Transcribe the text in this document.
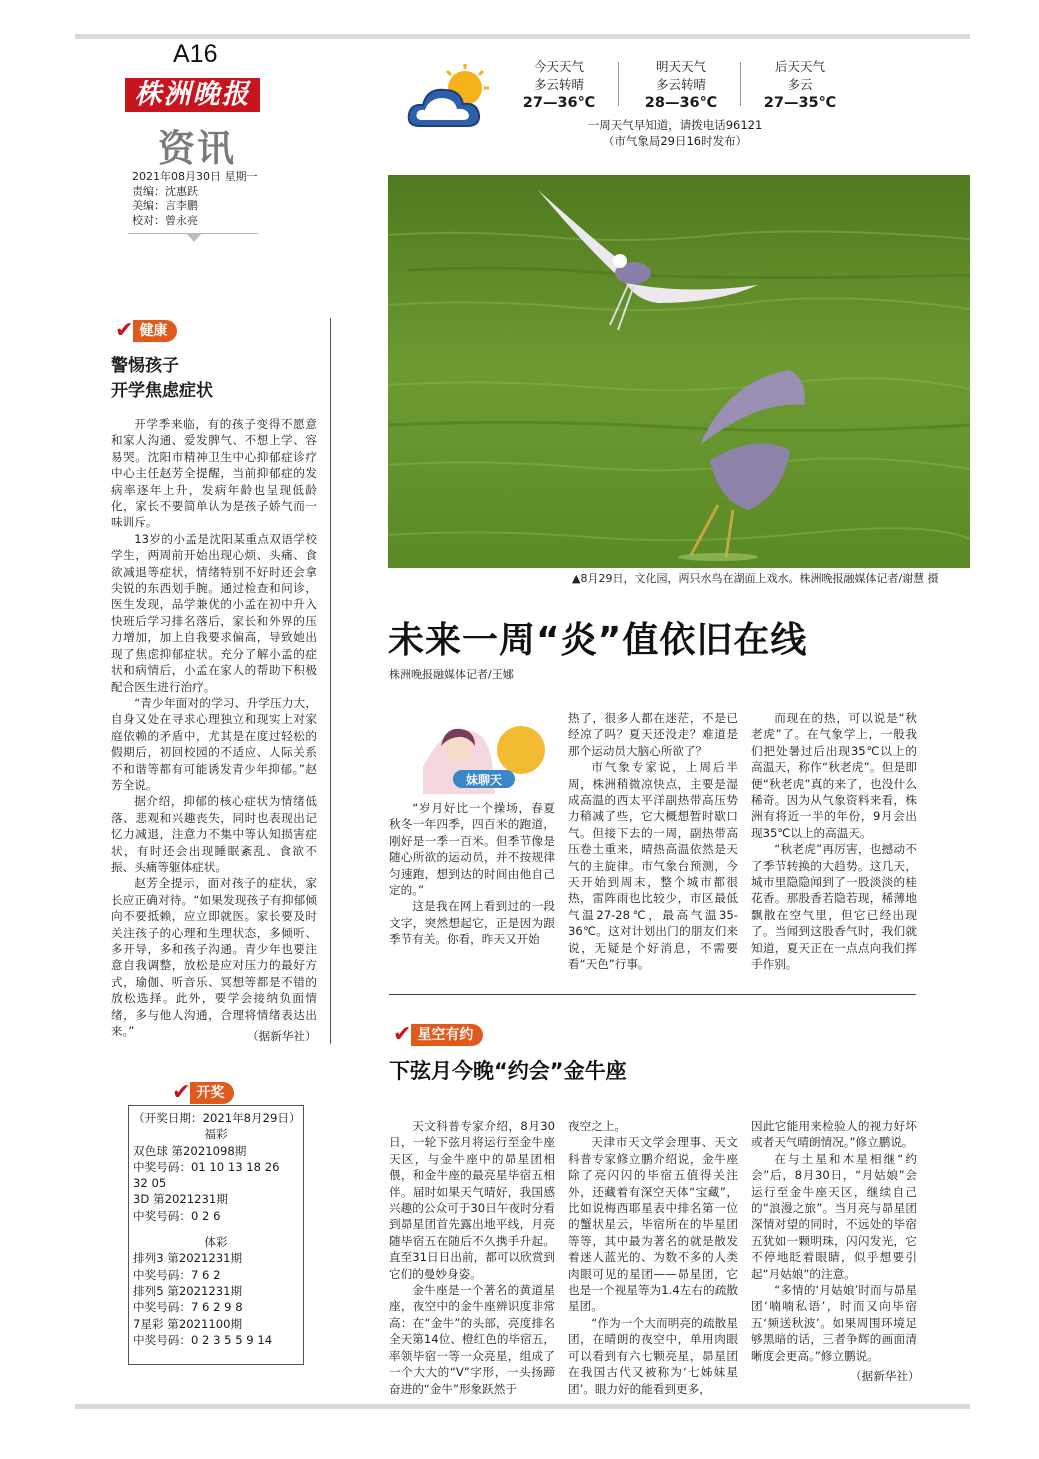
A16
株洲晚报
资讯
2021年08月30日 星期一
责编：沈惠跃
美编：言李鹏
校对：曾永亮
今天天气
多云转晴
27—36℃
明天天气
多云转晴
28—36℃
后天天气
多云
27—35℃
一周天气早知道，请拨电话96121
（市气象局29日16时发布）
✔ 健康
警惕孩子
开学焦虑症状

开学季来临，有的孩子变得不愿意和家人沟通、爱发脾气、不想上学、容易哭。沈阳市精神卫生中心抑郁症诊疗中心主任赵芳全提醒，当前抑郁症的发病率逐年上升，发病年龄也呈现低龄化，家长不要简单认为是孩子娇气而一味训斥。

13岁的小孟是沈阳某重点双语学校学生，两周前开始出现心烦、头痛、食欲减退等症状，情绪特别不好时还会拿尖锐的东西划手腕。通过检查和问诊，医生发现，品学兼优的小孟在初中升入快班后学习排名落后，家长和外界的压力增加，加上自我要求偏高，导致她出现了焦虑抑郁症状。充分了解小孟的症状和病情后，小孟在家人的帮助下积极配合医生进行治疗。

“青少年面对的学习、升学压力大，自身又处在寻求心理独立和现实上对家庭依赖的矛盾中，尤其是在度过轻松的假期后，初回校园的不适应、人际关系不和谐等都有可能诱发青少年抑郁。”赵芳全说。

据介绍，抑郁的核心症状为情绪低落、悲观和兴趣丧失，同时也表现出记忆力减退，注意力不集中等认知损害症状，有时还会出现睡眠紊乱、食欲不振、头痛等躯体症状。

赵芳全提示，面对孩子的症状，家长应正确对待。“如果发现孩子有抑郁倾向不要抵赖，应立即就医。家长要及时关注孩子的心理和生理状态，多倾听、多开导，多和孩子沟通。青少年也要注意自我调整，放松是应对压力的最好方式，瑜伽、听音乐、冥想等都是不错的放松选择。此外，要学会接纳负面情绪，多与他人沟通，合理将情绪表达出来。”	（据新华社）
✔ 开奖
（开奖日期：2021年8月29日）
福彩
双色球 第2021098期
中奖号码：01 10 13 18 26
32 05
3D 第2021231期
中奖号码：0 2 6
体彩
排列3 第2021231期
中奖号码：7 6 2
排列5 第2021231期
中奖号码：7 6 2 9 8
7星彩 第2021100期
中奖号码：0 2 3 5 5 9 14
▲8月29日，文化园，两只水鸟在湖面上戏水。株洲晚报融媒体记者/谢慧 摄
未来一周“炎”值依旧在线
株洲晚报融媒体记者/王娜
妹聊天

“岁月好比一个操场，春夏秋冬一年四季，四百米的跑道，刚好是一季一百米。但季节像是随心所欲的运动员，并不按规律匀速跑，想到达的时间由他自己定的。”

这是我在网上看到过的一段文字，突然想起它，正是因为跟季节有关。你看，昨天又开始

热了，很多人都在迷茫，不是已经凉了吗？夏天还没走？难道是那个运动员大脑心所欲了？

市气象专家说，上周后半周，株洲稍微凉快点，主要是湿成高温的西太平洋副热带高压势力稍减了些，它大概想暂时歇口气。但接下去的一周，副热带高压卷土重来，晴热高温依然是天气的主旋律。市气象台预测，今天开始到周末，整个城市都很热，雷阵雨也比较少，市区最低气温27-28℃，最高气温35-36℃。这对计划出门的朋友们来说，无疑是个好消息，不需要看“天色”行事。

而现在的热，可以说是“秋老虎”了。在气象学上，一般我们把处暑过后出现35℃以上的高温天，称作“秋老虎”。但是即便“秋老虎”真的来了，也没什么稀奇。因为从气象资料来看，株洲有将近一半的年份，9月会出现35℃以上的高温天。

“秋老虎”再厉害，也撼动不了季节转换的大趋势。这几天，城市里隐隐闻到了一股淡淡的桂花香。那股香若隐若现，稀薄地飘散在空气里，但它已经出现了。当闻到这股香气时，我们就知道，夏天正在一点点向我们挥手作别。

✔ 星空有约
下弦月今晚“约会”金牛座

天文科普专家介绍，8月30日，一轮下弦月将运行至金牛座天区，与金牛座中的昴星团相偎，和金牛座的最亮星毕宿五相伴。届时如果天气晴好，我国感兴趣的公众可于30日午夜时分看到昴星团首先露出地平线，月亮随毕宿五在随后不久携手升起。直至31日日出前，都可以欣赏到它们的曼妙身姿。

金牛座是一个著名的黄道星座，夜空中的金牛座辨识度非常高：在“金牛”的头部，亮度排名全天第14位、橙红色的毕宿五，率领毕宿一等一众亮星，组成了一个大大的“V”字形，一头扬蹄奋进的“金牛”形象跃然于

夜空之上。

天津市天文学会理事、天文科普专家修立鹏介绍说，金牛座除了亮闪闪的毕宿五值得关注外，还藏着有深空天体“宝藏”，比如说梅西耶星表中排名第一位的蟹状星云，毕宿所在的毕星团等等，其中最为著名的就是散发着迷人蓝光的、为数不多的人类肉眼可见的星团——昴星团，它也是一个视星等为1.4左右的疏散星团。

“作为一个大而明亮的疏散星团，在晴朗的夜空中，单用肉眼可以看到有六七颗亮星，昴星团在我国古代又被称为‘七姊妹星团’。眼力好的能看到更多，

因此它能用来检验人的视力好坏或者天气晴朗情况。”修立鹏说。

在与土星和木星相继“约会”后，8月30日，“月姑娘”会运行至金牛座天区，继续自己的“浪漫之旅”。当月亮与昴星团深情对望的同时，不远处的毕宿五犹如一颗明珠，闪闪发光，它不停地眨着眼睛，似乎想要引起“月姑娘”的注意。

“多情的‘月姑娘’时而与昴星团‘喃喃私语’，时而又向毕宿五‘频送秋波’。如果周围环境足够黑暗的话，三者争辉的画面清晰度会更高。”修立鹏说。

（据新华社）
